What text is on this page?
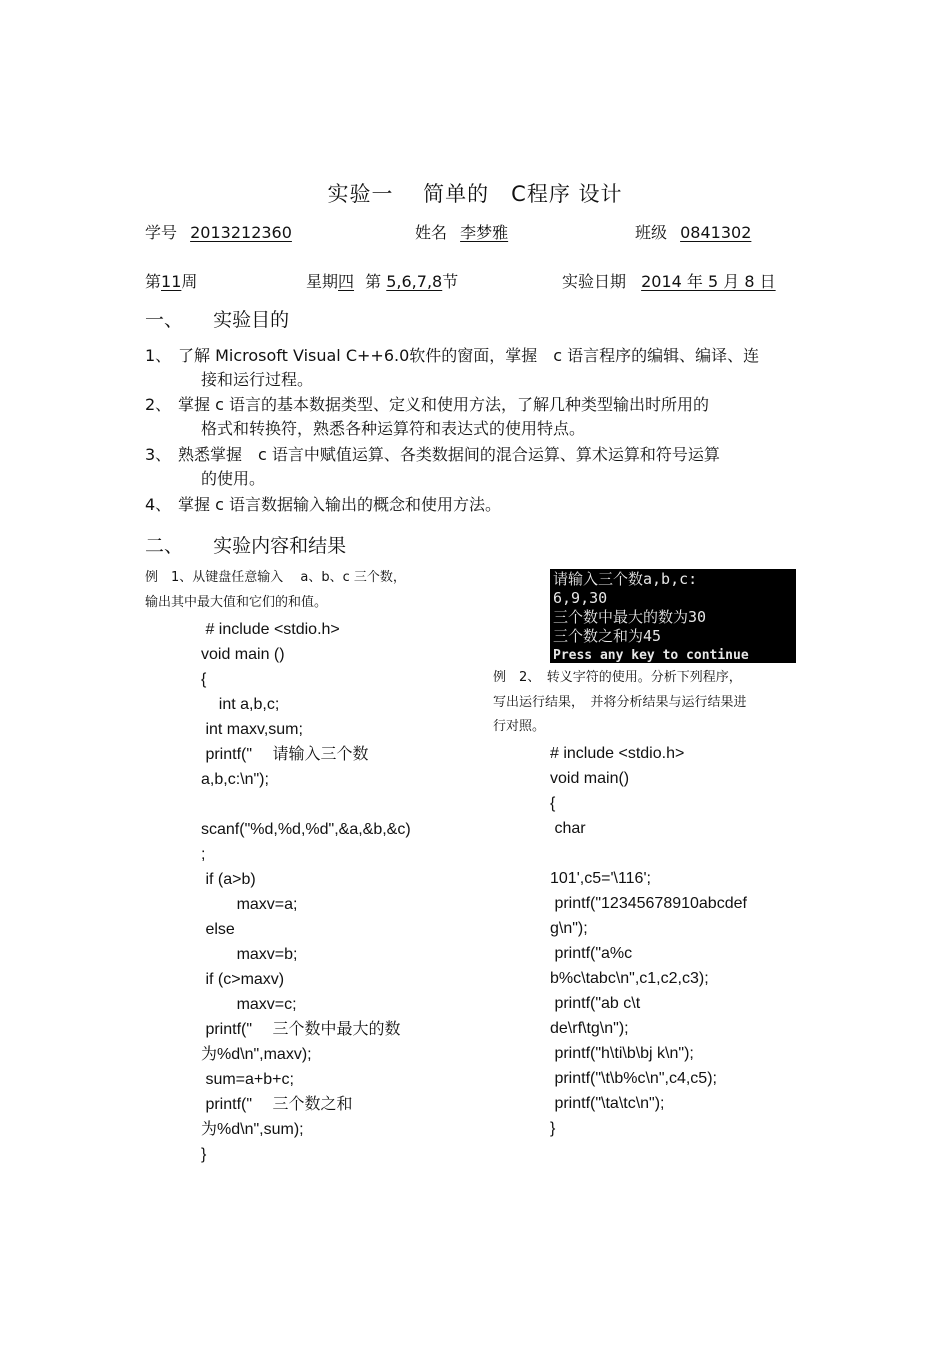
实验一　 简单的　C程序 设计
学号 2013212360	姓名 李梦雅	班级 0841302
第11周	星期四 第 5,6,7,8节	实验日期 2014 年 5 月 8 日
一、 实验目的
1、 了解 Microsoft Visual C++6.0软件的窗面，掌握　c 语言程序的编辑、编译、连
接和运行过程。
2、 掌握 c 语言的基本数据类型、定义和使用方法，了解几种类型输出时所用的
格式和转换符，熟悉各种运算符和表达式的使用特点。
3、 熟悉掌握　c 语言中赋值运算、各类数据间的混合运算、算术运算和符号运算
的使用。
4、 掌握 c 语言数据输入输出的概念和使用方法。
二、 实验内容和结果
例　1、从键盘任意输入　 a、b、c 三个数，
输出其中最大值和它们的和值。
# include <stdio.h>
void main ()
{
int a,b,c;
int maxv,sum;
printf("　 请输入三个数
a,b,c:\n");
scanf("%d,%d,%d",&a,&b,&c)
;
if (a>b)
maxv=a;
else
maxv=b;
if (c>maxv)
maxv=c;
printf("　 三个数中最大的数
为%d\n",maxv);
sum=a+b+c;
printf("　 三个数之和
为%d\n",sum);
}
请输入三个数a,b,c:
6,9,30
三个数中最大的数为30
三个数之和为45
Press any key to continue
例　2、　转义字符的使用。分析下列程序，
写出运行结果，　并将分析结果与运行结果进
行对照。
# include <stdio.h>
void main()
{
char
101',c5='\116';
printf("12345678910abcdef
g\n");
printf("a%c
b%c\tabc\n",c1,c2,c3);
printf("ab c\t
de\rf\tg\n");
printf("h\ti\b\bj k\n");
printf("\t\b%c\n",c4,c5);
printf("\ta\tc\n");
}
